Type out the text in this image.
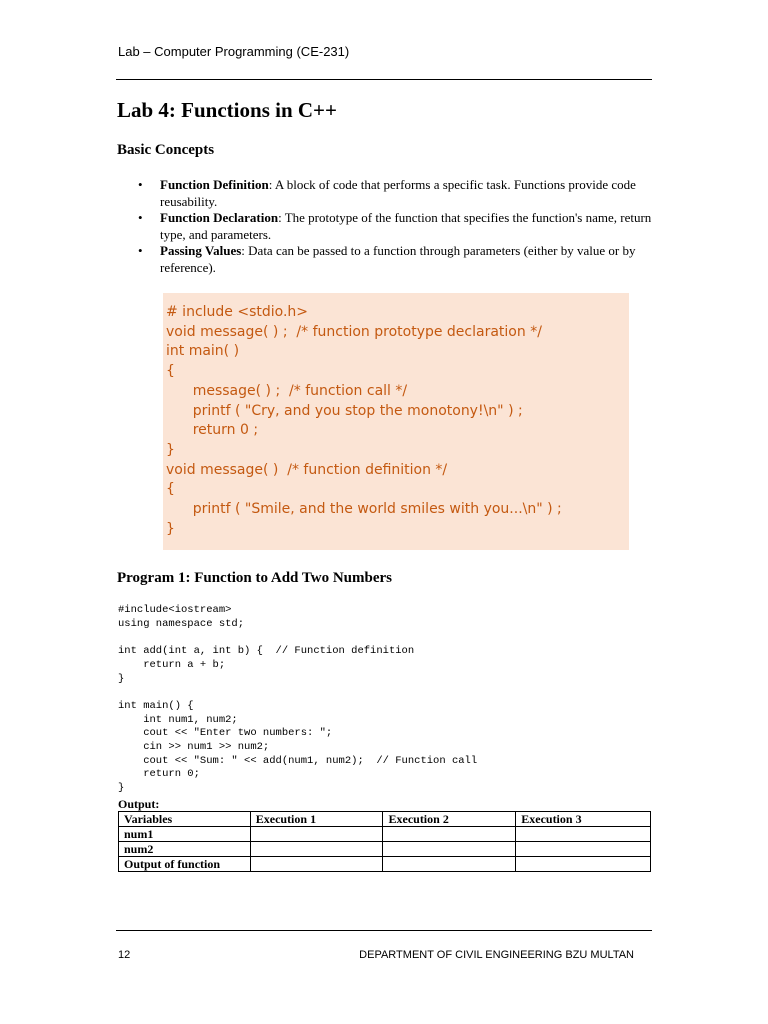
Lab – Computer Programming (CE-231)
Lab 4: Functions in C++
Basic Concepts
• Function Definition: A block of code that performs a specific task. Functions provide code reusability.
• Function Declaration: The prototype of the function that specifies the function's name, return type, and parameters.
• Passing Values: Data can be passed to a function through parameters (either by value or by reference).
# include <stdio.h>
void message( ) ;  /* function prototype declaration */
int main( )
{
message( ) ;  /* function call */
printf ( "Cry, and you stop the monotony!\n" ) ;
return 0 ;
}
void message( )  /* function definition */
{
printf ( "Smile, and the world smiles with you...\n" ) ;
}
Program 1: Function to Add Two Numbers
#include<iostream>
using namespace std;

int add(int a, int b) {  // Function definition
return a + b;
}

int main() {
int num1, num2;
cout << "Enter two numbers: ";
cin >> num1 >> num2;
cout << "Sum: " << add(num1, num2);  // Function call
return 0;
}
Output:
Variables	Execution 1	Execution 2	Execution 3
num1			
num2			
Output of function			
12	DEPARTMENT OF CIVIL ENGINEERING BZU MULTAN
